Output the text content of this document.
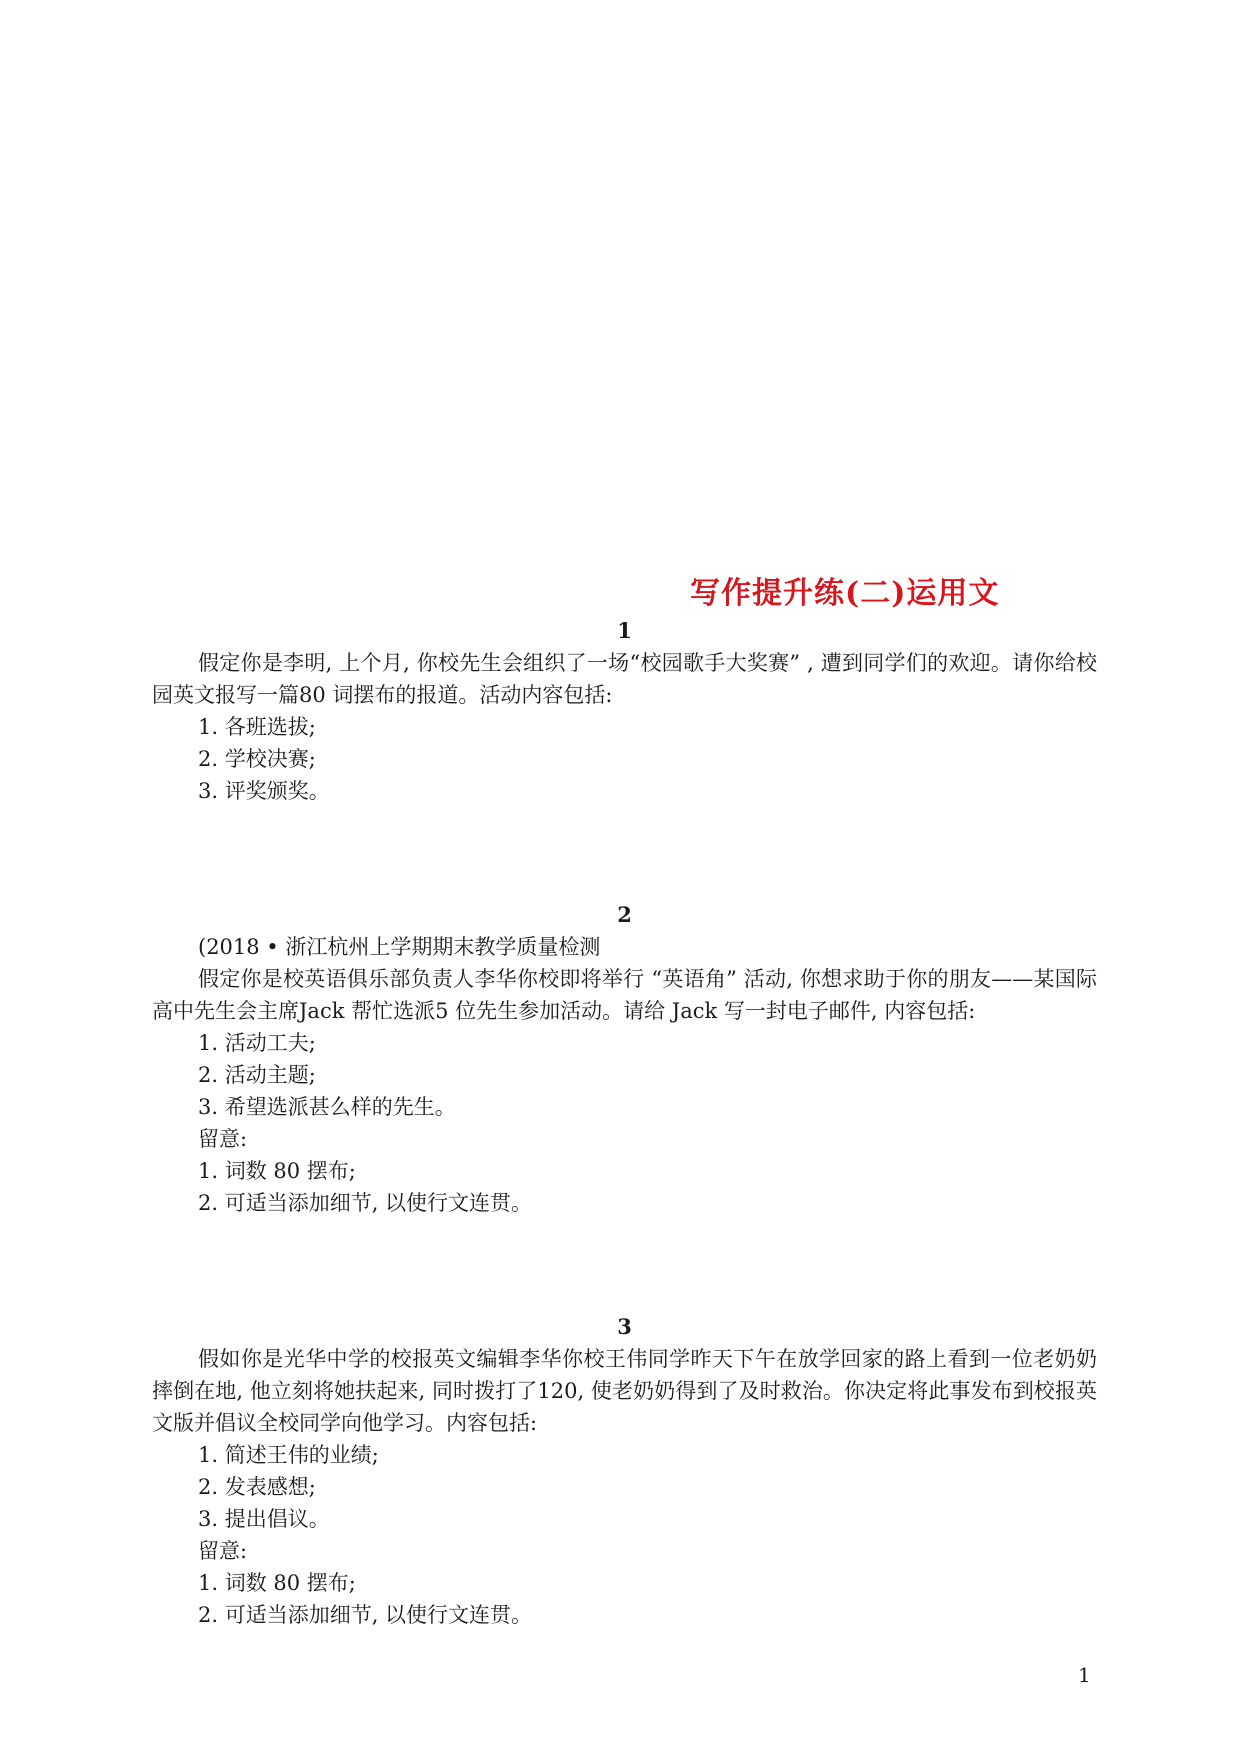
写作提升练(二)运用文
1

假定你是李明, 上个月, 你校先生会组织了一场“校园歌手大奖赛” , 遭到同学们的欢迎。请你给校园英文报写一篇80 词摆布的报道。活动内容包括:

1. 各班选拔;

2. 学校决赛;

3. 评奖颁奖。

2

(2018 • 浙江杭州上学期期末教学质量检测

假定你是校英语俱乐部负责人李华你校即将举行 “英语角” 活动, 你想求助于你的朋友——某国际高中先生会主席Jack 帮忙选派5 位先生参加活动。请给 Jack 写一封电子邮件, 内容包括:

1. 活动工夫;

2. 活动主题;

3. 希望选派甚么样的先生。

留意:

1. 词数 80 摆布;

2. 可适当添加细节, 以使行文连贯。

3

假如你是光华中学的校报英文编辑李华你校王伟同学昨天下午在放学回家的路上看到一位老奶奶摔倒在地, 他立刻将她扶起来, 同时拨打了120, 使老奶奶得到了及时救治。你决定将此事发布到校报英文版并倡议全校同学向他学习。内容包括:

1. 简述王伟的业绩;

2. 发表感想;

3. 提出倡议。

留意:

1. 词数 80 摆布;

2. 可适当添加细节, 以使行文连贯。

1
